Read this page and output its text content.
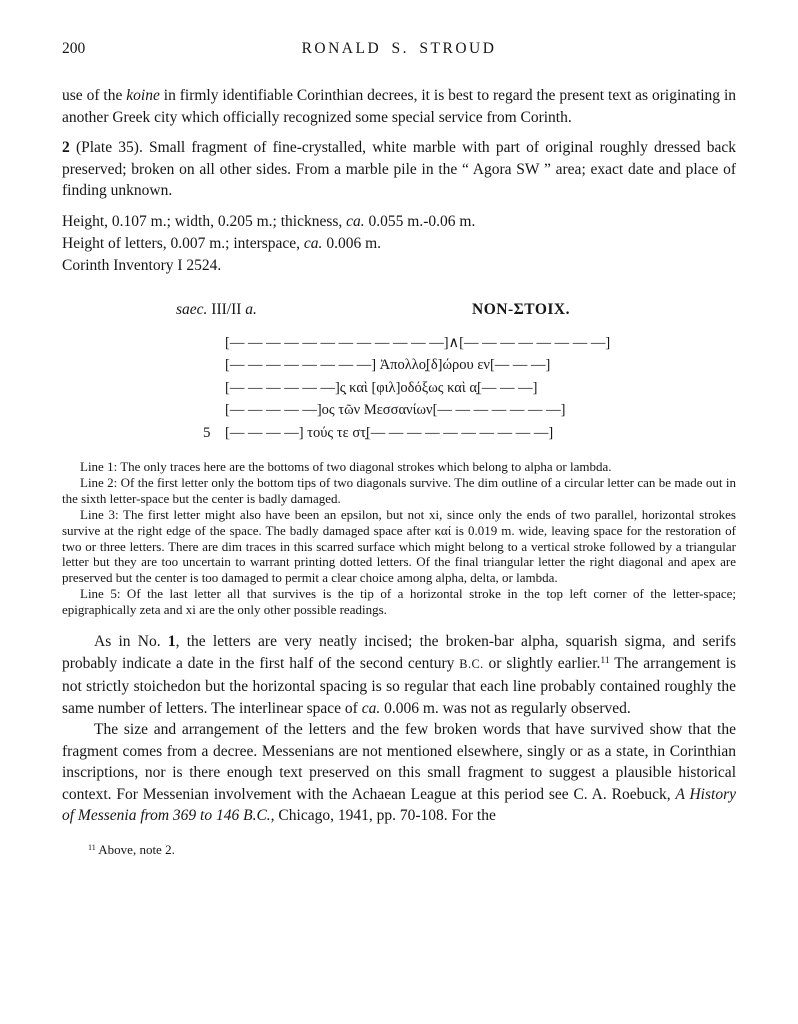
200	RONALD S. STROUD

use of the koine in firmly identifiable Corinthian decrees, it is best to regard the present text as originating in another Greek city which officially recognized some special service from Corinth.

2 (Plate 35). Small fragment of fine-crystalled, white marble with part of original roughly dressed back preserved; broken on all other sides. From a marble pile in the “ Agora SW ” area; exact date and place of finding unknown.

Height, 0.107 m.; width, 0.205 m.; thickness, ca. 0.055 m.-0.06 m.

Height of letters, 0.007 m.; interspace, ca. 0.006 m.

Corinth Inventory I 2524.

saec. III/II a.	NON-ΣΤΟΙΧ.
[— — — — — — — — — — — —]∧[— — — — — — — —]
[— — — — — — — —] Ἀπολλο̣[δ]ώρου εν[— — —]
[— — — — — —]ς̣ καὶ [φιλ]οδόξως καὶ α̣[— — —]
[— — — — —]ος τῶν Μεσσανίων[— — — — — — —]
5 [— — — —] τούς τε στ̣[— — — — — — — — — —]

Line 1: The only traces here are the bottoms of two diagonal strokes which belong to alpha or lambda.

Line 2: Of the first letter only the bottom tips of two diagonals survive. The dim outline of a circular letter can be made out in the sixth letter-space but the center is badly damaged.

Line 3: The first letter might also have been an epsilon, but not xi, since only the ends of two parallel, horizontal strokes survive at the right edge of the space. The badly damaged space after καί is 0.019 m. wide, leaving space for the restoration of two or three letters. There are dim traces in this scarred surface which might belong to a vertical stroke followed by a triangular letter but they are too uncertain to warrant printing dotted letters. Of the final triangular letter the right diagonal and apex are preserved but the center is too damaged to permit a clear choice among alpha, delta, or lambda.

Line 5: Of the last letter all that survives is the tip of a horizontal stroke in the top left corner of the letter-space; epigraphically zeta and xi are the only other possible readings.

As in No. 1, the letters are very neatly incised; the broken-bar alpha, squarish sigma, and serifs probably indicate a date in the first half of the second century B.C. or slightly earlier.$^{11}$ The arrangement is not strictly stoichedon but the horizontal spacing is so regular that each line probably contained roughly the same number of letters. The interlinear space of ca. 0.006 m. was not as regularly observed.

The size and arrangement of the letters and the few broken words that have survived show that the fragment comes from a decree. Messenians are not mentioned elsewhere, singly or as a state, in Corinthian inscriptions, nor is there enough text preserved on this small fragment to suggest a plausible historical context. For Messenian involvement with the Achaean League at this period see C. A. Roebuck, A History of Messenia from 369 to 146 B.C., Chicago, 1941, pp. 70-108. For the

$^{11}$ Above, note 2.
